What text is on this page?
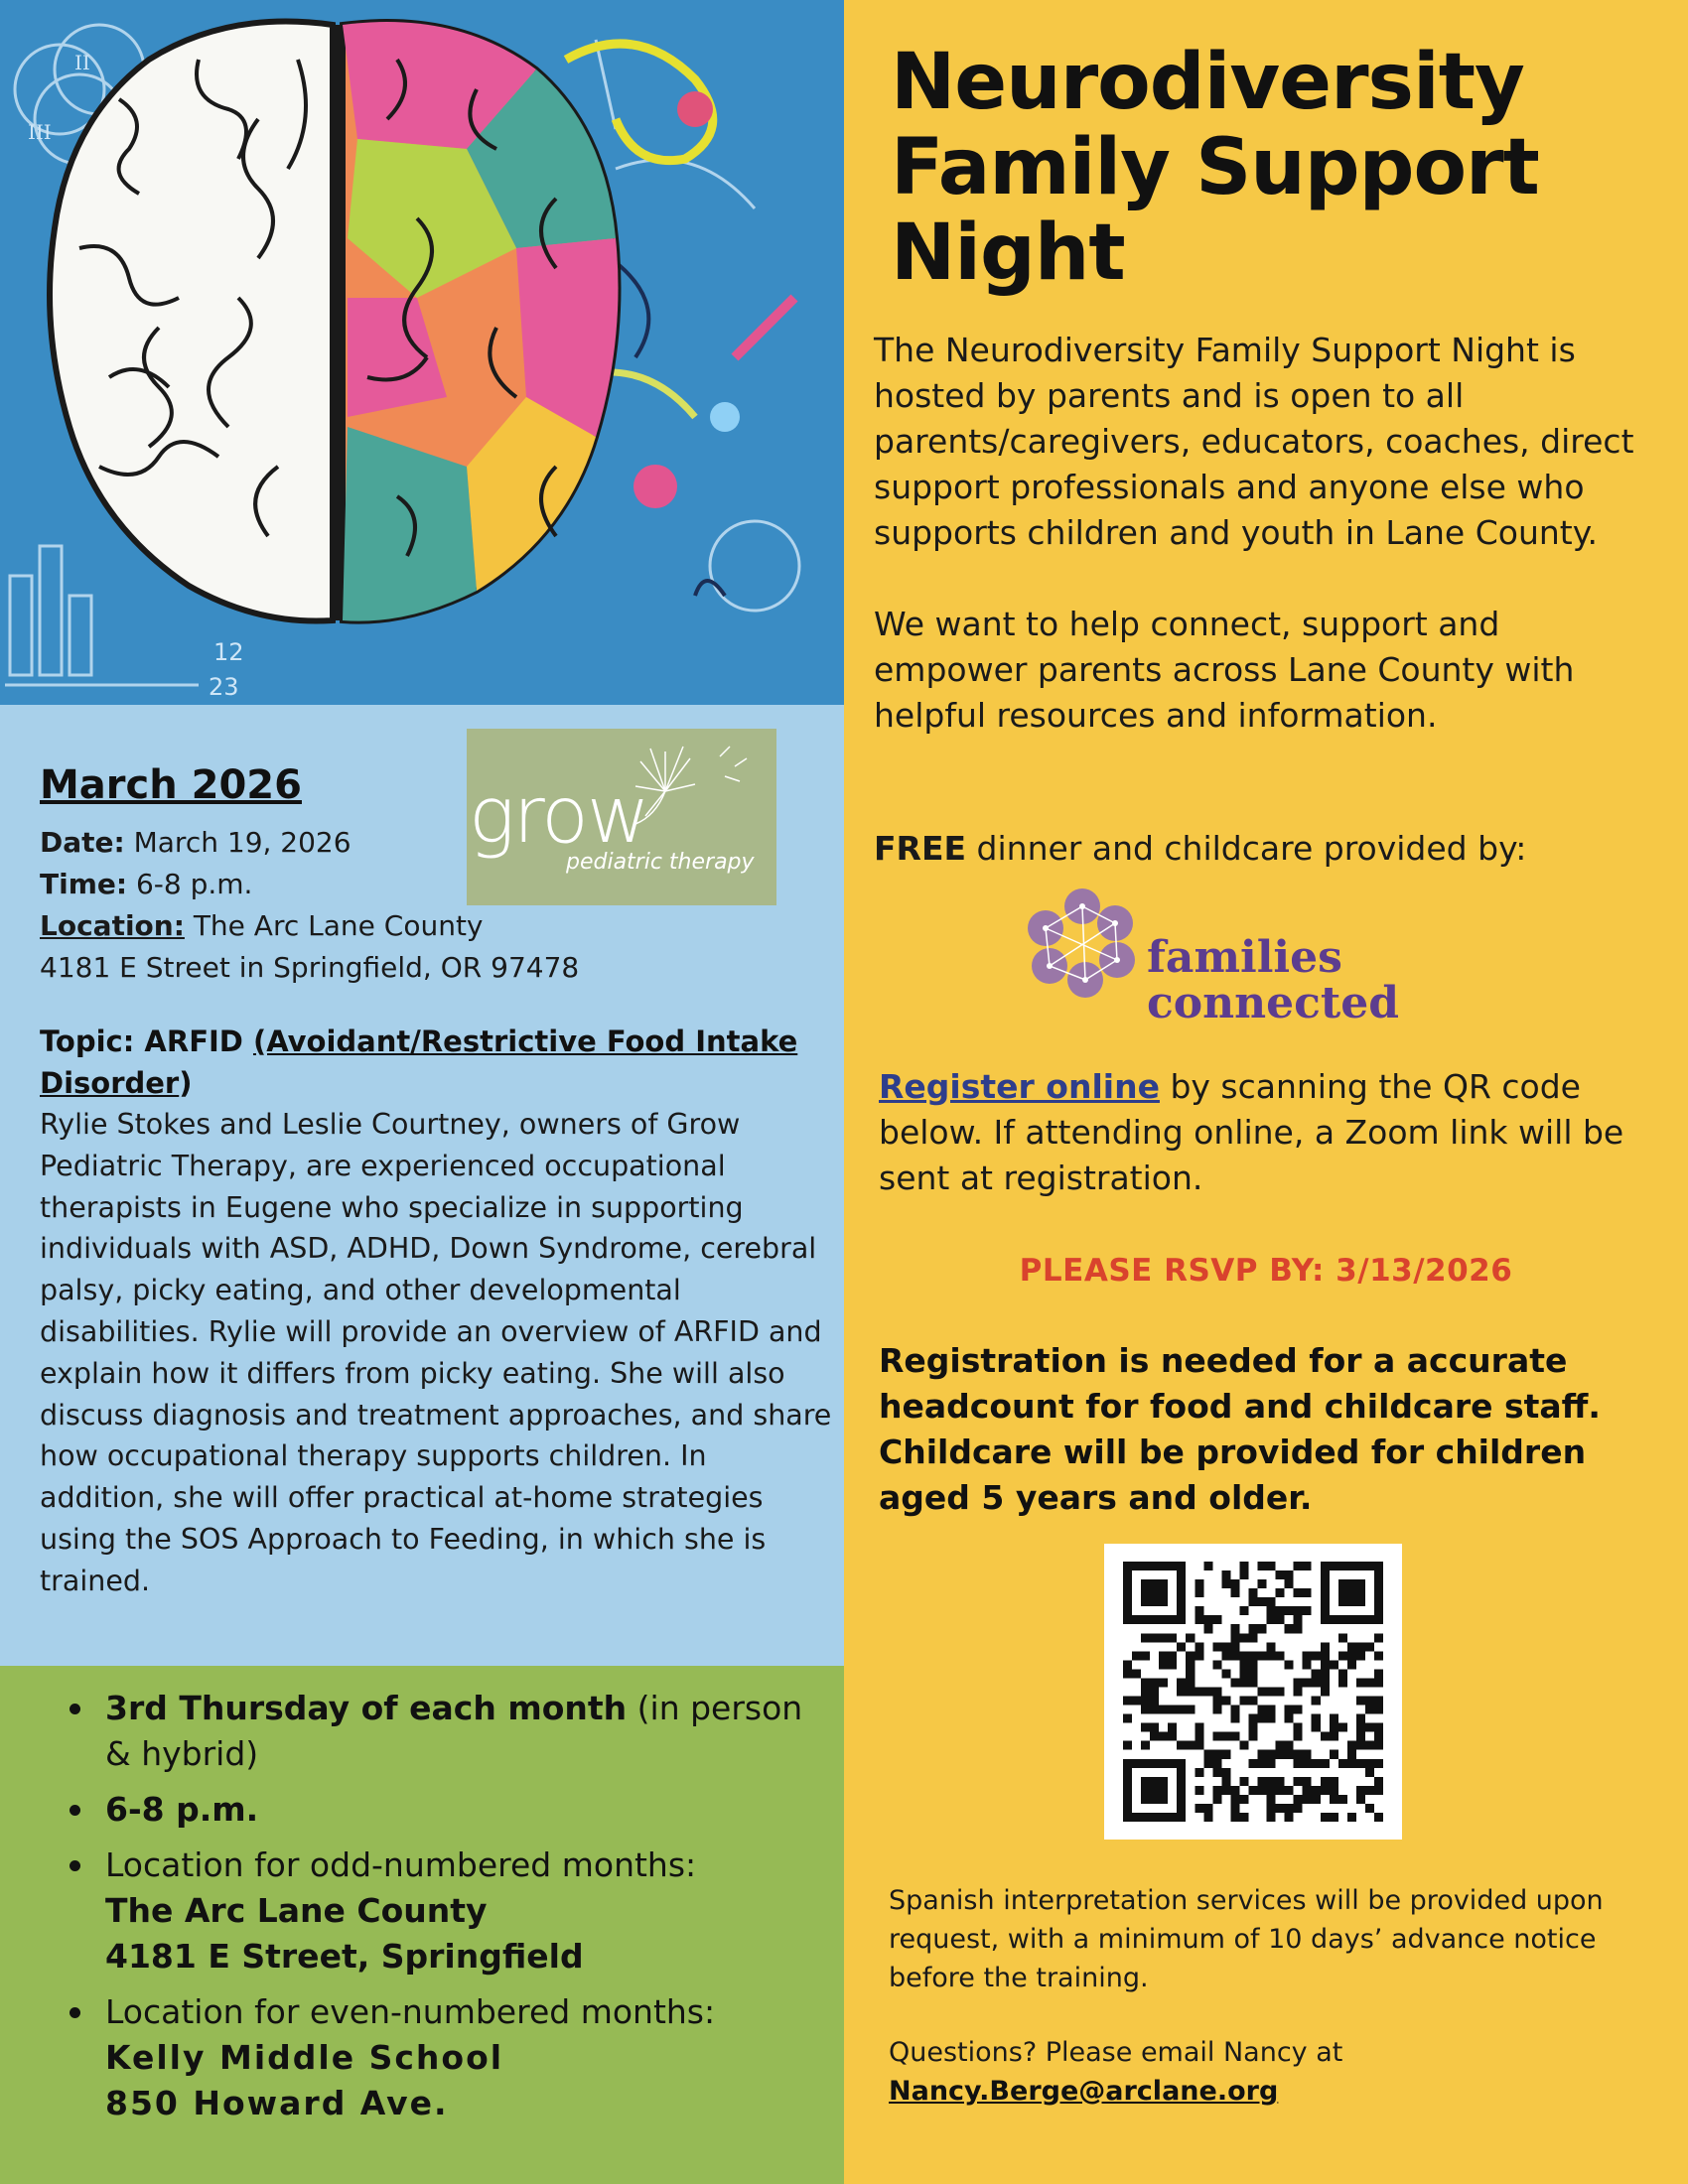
II
III
12
23
March 2026 grow
pediatric therapy
Date: March 19, 2026
Time: 6-8 p.m.
Location: The Arc Lane County
4181 E Street in Springfield, OR 97478
Topic: ARFID (Avoidant/Restrictive Food Intake
Disorder)
Rylie Stokes and Leslie Courtney, owners of Grow Pediatric Therapy, are experienced occupational therapists in Eugene who specialize in supporting individuals with ASD, ADHD, Down Syndrome, cerebral palsy, picky eating, and other developmental disabilities. Rylie will provide an overview of ARFID and explain how it differs from picky eating. She will also discuss diagnosis and treatment approaches, and share how occupational therapy supports children. In addition, she will offer practical at-home strategies using the SOS Approach to Feeding, in which she is trained.
3rd Thursday of each month (in person & hybrid)
6-8 p.m.
Location for odd-numbered months:
The Arc Lane County
4181 E Street, Springfield
Location for even-numbered months:
Kelly Middle School
850 Howard Ave.
Neurodiversity
Family Support
Night

The Neurodiversity Family Support Night is hosted by parents and is open to all parents/caregivers, educators, coaches, direct support professionals and anyone else who supports children and youth in Lane County.

We want to help connect, support and empower parents across Lane County with helpful resources and information.

FREE dinner and childcare provided by:
families
connected
Register online by scanning the QR code below. If attending online, a Zoom link will be sent at registration.
PLEASE RSVP BY: 3/13/2026
Registration is needed for a accurate headcount for food and childcare staff. Childcare will be provided for children aged 5 years and older.
Spanish interpretation services will be provided upon request, with a minimum of 10 days’ advance notice before the training.
Questions? Please email Nancy at
Nancy.Berge@arclane.org
